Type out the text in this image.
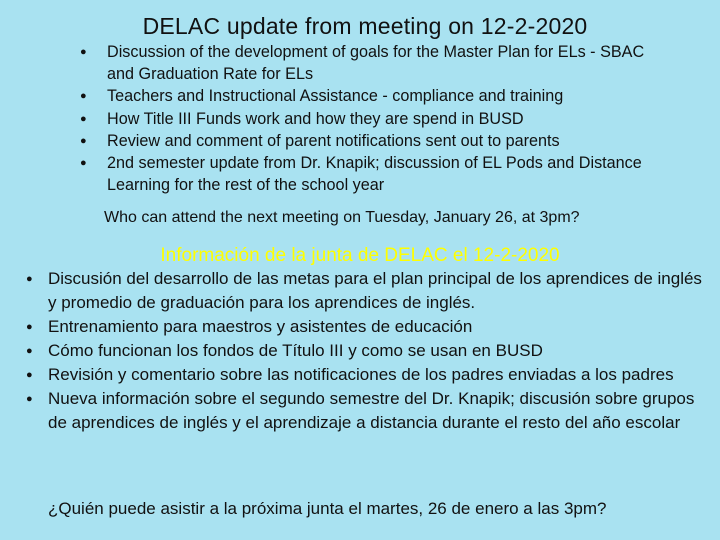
DELAC update from meeting on 12-2-2020
● Discussion of the development of goals for the Master Plan for ELs - SBAC and Graduation Rate for ELs
● Teachers and Instructional Assistance - compliance and training
● How Title III Funds work and how they are spend in BUSD
● Review and comment of parent notifications sent out to parents
● 2nd semester update from Dr. Knapik; discussion of EL Pods and Distance Learning for the rest of the school year
Who can attend the next meeting on Tuesday, January 26, at 3pm?
Información de la junta de DELAC el 12-2-2020
● Discusión del desarrollo de las metas para el plan principal de los aprendices de inglés y promedio de graduación para los aprendices de inglés.
● Entrenamiento para maestros y asistentes de educación
● Cómo funcionan los fondos de Título III y como se usan en BUSD
● Revisión y comentario sobre las notificaciones de los padres enviadas a los padres
● Nueva información sobre el segundo semestre del Dr. Knapik; discusión sobre grupos de aprendices de inglés y el aprendizaje a distancia durante el resto del año escolar
¿Quién puede asistir a la próxima junta el martes, 26 de enero a las 3pm?
